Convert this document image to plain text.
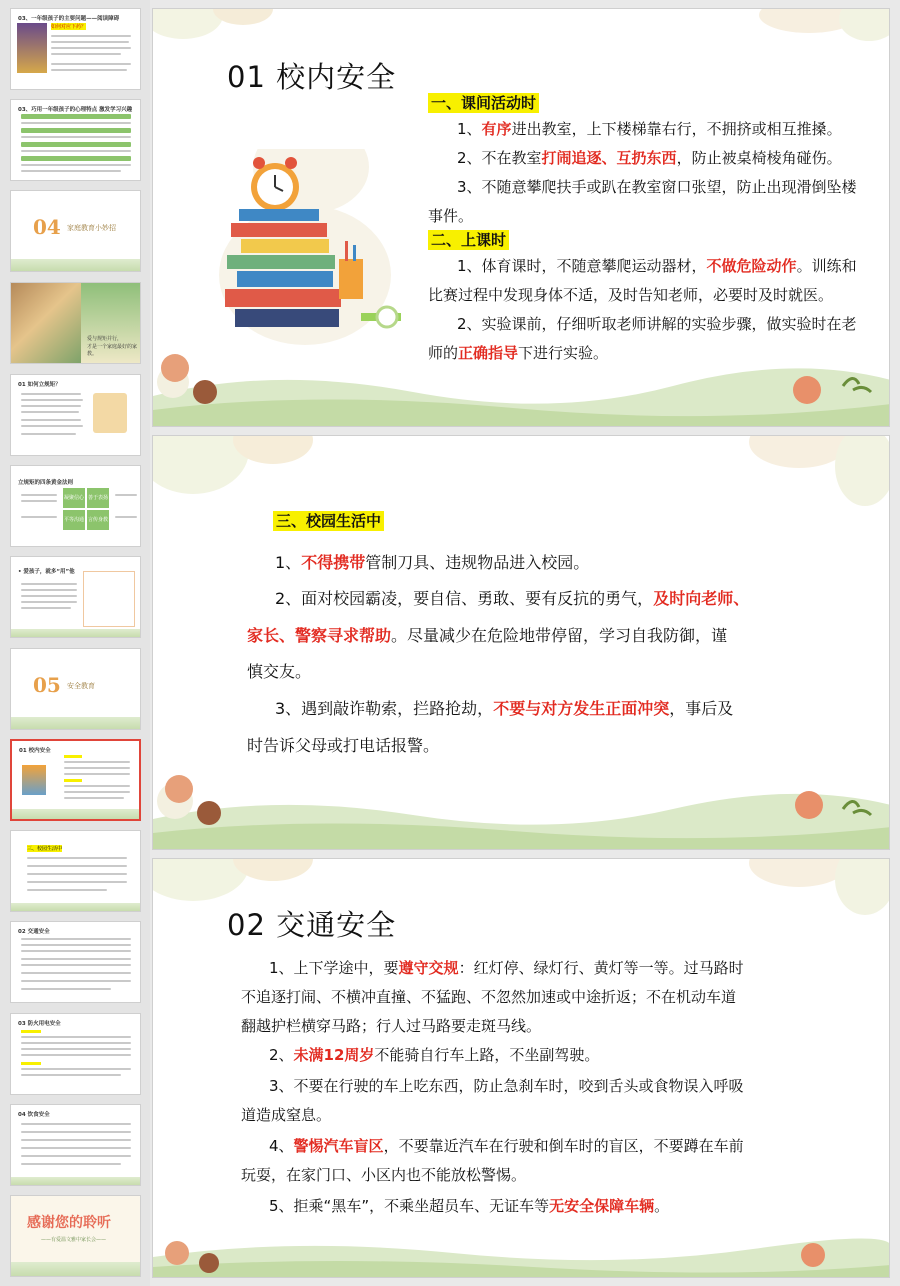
03、一年级孩子的主要问题——阅读障碍
如何对应下药？
03、巧用一年级孩子的心理特点 激发学习兴趣
04 家庭教育小妙招
爱与规矩并行，
才是一个家庭最好的家教。
01 如何立规矩？
立规矩的四条黄金法则
凝聚信心 善于表扬
平等沟通 言传身教
• 爱孩子，就多“用”他
05 安全教育
01 校内安全
三、校园生活中
02 交通安全
03 防火用电安全
04 饮食安全
感谢您的聆听
——有爱温文雅中家长会——
01 校内安全
一、课间活动时
1、有序进出教室，上下楼梯靠右行，不拥挤或相互推搡。
2、不在教室打闹追逐、互扔东西，防止被桌椅棱角碰伤。
3、不随意攀爬扶手或趴在教室窗口张望，防止出现滑倒坠楼
事件。
二、上课时
1、体育课时，不随意攀爬运动器材，不做危险动作。训练和
比赛过程中发现身体不适，及时告知老师，必要时及时就医。
2、实验课前，仔细听取老师讲解的实验步骤，做实验时在老
师的正确指导下进行实验。
三、校园生活中
1、不得携带管制刀具、违规物品进入校园。
2、面对校园霸凌，要自信、勇敢、要有反抗的勇气，及时向老师、
家长、警察寻求帮助。尽量减少在危险地带停留，学习自我防御，谨
慎交友。
3、遇到敲诈勒索，拦路抢劫，不要与对方发生正面冲突，事后及
时告诉父母或打电话报警。
02 交通安全
1、上下学途中，要遵守交规：红灯停、绿灯行、黄灯等一等。过马路时
不追逐打闹、不横冲直撞、不猛跑、不忽然加速或中途折返；不在机动车道
翻越护栏横穿马路；行人过马路要走斑马线。
2、未满12周岁不能骑自行车上路，不坐副驾驶。
3、不要在行驶的车上吃东西，防止急刹车时，咬到舌头或食物误入呼吸
道造成窒息。
4、警惕汽车盲区，不要靠近汽车在行驶和倒车时的盲区，不要蹲在车前
玩耍，在家门口、小区内也不能放松警惕。
5、拒乘“黑车”，不乘坐超员车、无证车等无安全保障车辆。
